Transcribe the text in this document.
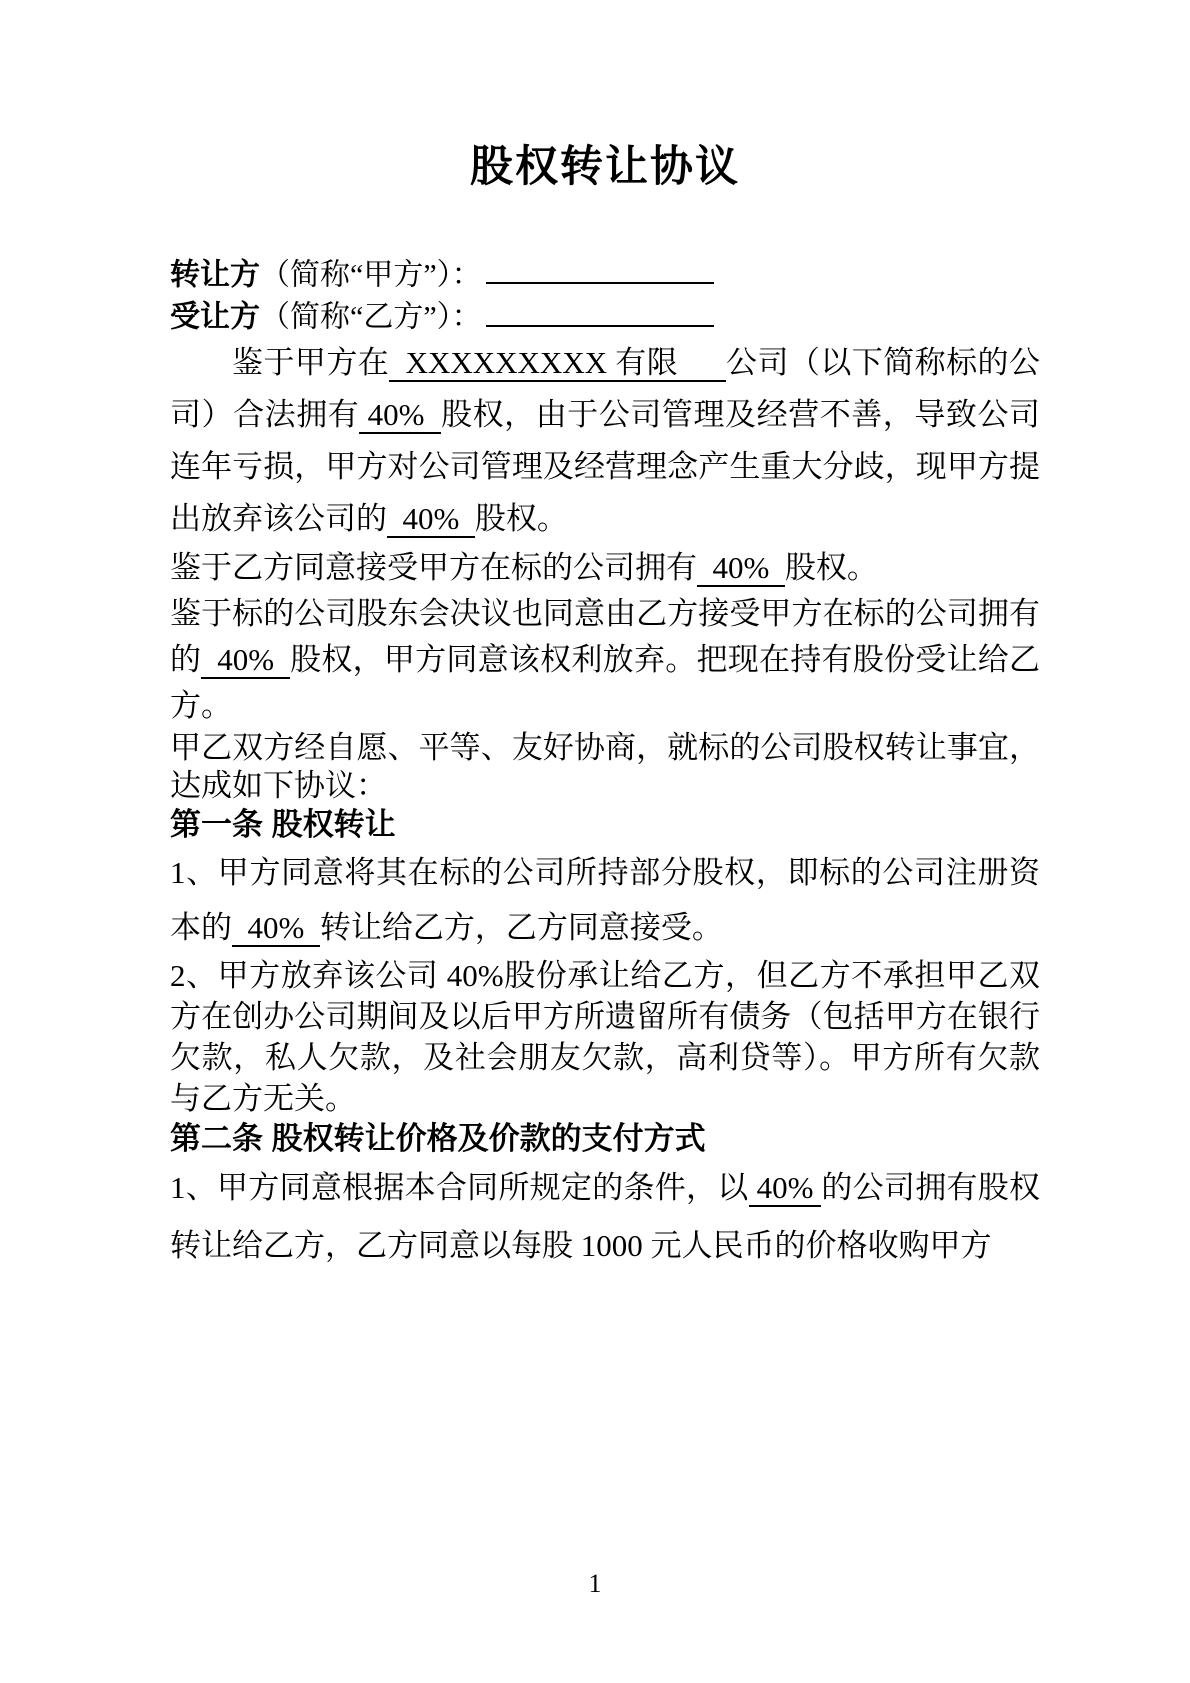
股权转让协议
转让方（简称“甲方”）：
受让方（简称“乙方”）：

鉴于甲方在  XXXXXXXXX 有限　  公司（以下简称标的公司）合法拥有 40%  股权，由于公司管理及经营不善，导致公司连年亏损，甲方对公司管理及经营理念产生重大分歧，现甲方提出放弃该公司的  40%  股权。

鉴于乙方同意接受甲方在标的公司拥有  40%  股权。

鉴于标的公司股东会决议也同意由乙方接受甲方在标的公司拥有的  40%  股权，甲方同意该权利放弃。把现在持有股份受让给乙方。

甲乙双方经自愿、平等、友好协商，就标的公司股权转让事宜，达成如下协议：

第一条 股权转让

1、甲方同意将其在标的公司所持部分股权，即标的公司注册资本的  40%  转让给乙方，乙方同意接受。

2、甲方放弃该公司 40%股份承让给乙方，但乙方不承担甲乙双方在创办公司期间及以后甲方所遗留所有债务（包括甲方在银行欠款，私人欠款，及社会朋友欠款，高利贷等）。甲方所有欠款与乙方无关。

第二条 股权转让价格及价款的支付方式

1、甲方同意根据本合同所规定的条件，以 40% 的公司拥有股权转让给乙方，乙方同意以每股 1000 元人民币的价格收购甲方

1
